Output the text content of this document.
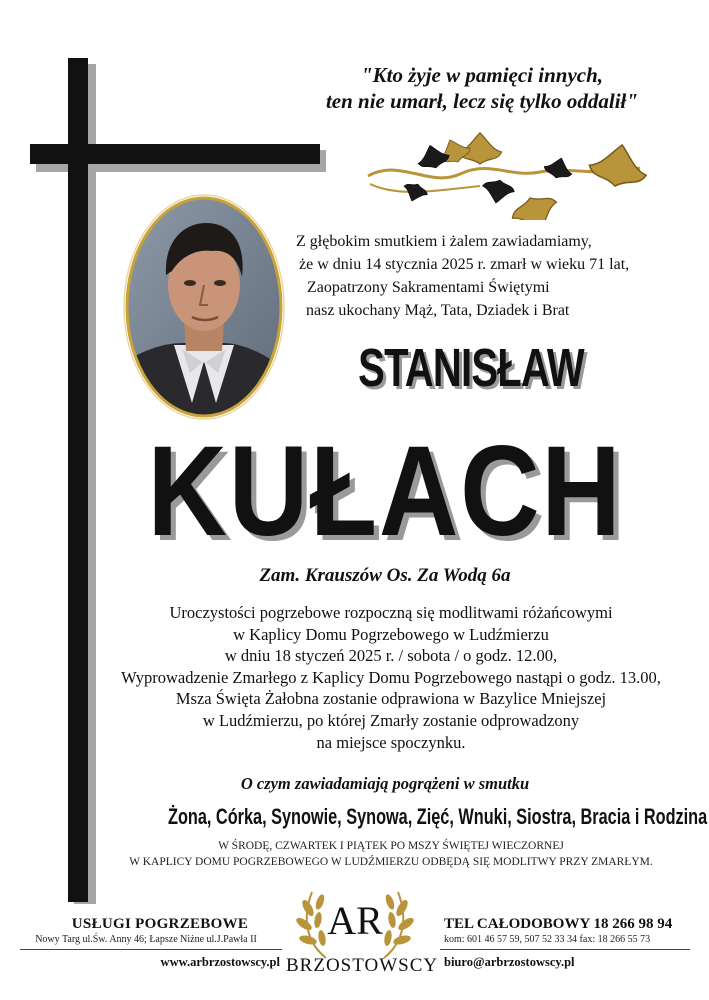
"Kto żyje w pamięci innych,
ten nie umarł, lecz się tylko oddalił"
Z głębokim smutkiem i żalem zawiadamiamy,
że w dniu 14 stycznia 2025 r. zmarł w wieku 71 lat,
Zaopatrzony Sakramentami Świętymi
nasz ukochany Mąż, Tata, Dziadek i Brat
STANISŁAW
KUŁACH
Zam. Krauszów Os. Za Wodą 6a
Uroczystości pogrzebowe rozpoczną się modlitwami różańcowymi
w Kaplicy Domu Pogrzebowego w Ludźmierzu
w dniu 18 styczeń 2025 r. / sobota / o godz. 12.00,
Wyprowadzenie Zmarłego z Kaplicy Domu Pogrzebowego nastąpi o godz. 13.00,
Msza Święta Żałobna zostanie odprawiona w Bazylice Mniejszej
w Ludźmierzu, po której Zmarły zostanie odprowadzony
na miejsce spoczynku.
O czym zawiadamiają pogrążeni w smutku
Żona, Córka, Synowie, Synowa, Zięć, Wnuki, Siostra, Bracia i Rodzina
W ŚRODĘ, CZWARTEK I PIĄTEK PO MSZY ŚWIĘTEJ WIECZORNEJ
W KAPLICY DOMU POGRZEBOWEGO W LUDŹMIERZU ODBĘDĄ SIĘ MODLITWY PRZY ZMARŁYM.
USŁUGI POGRZEBOWE
Nowy Targ ul.Św. Anny 46; Łapsze Niżne ul.J.Pawła II
www.arbrzostowscy.pl
AR
BRZOSTOWSCY
TEL CAŁODOBOWY 18 266 98 94
kom: 601 46 57 59, 507 52 33 34 fax: 18 266 55 73
biuro@arbrzostowscy.pl
